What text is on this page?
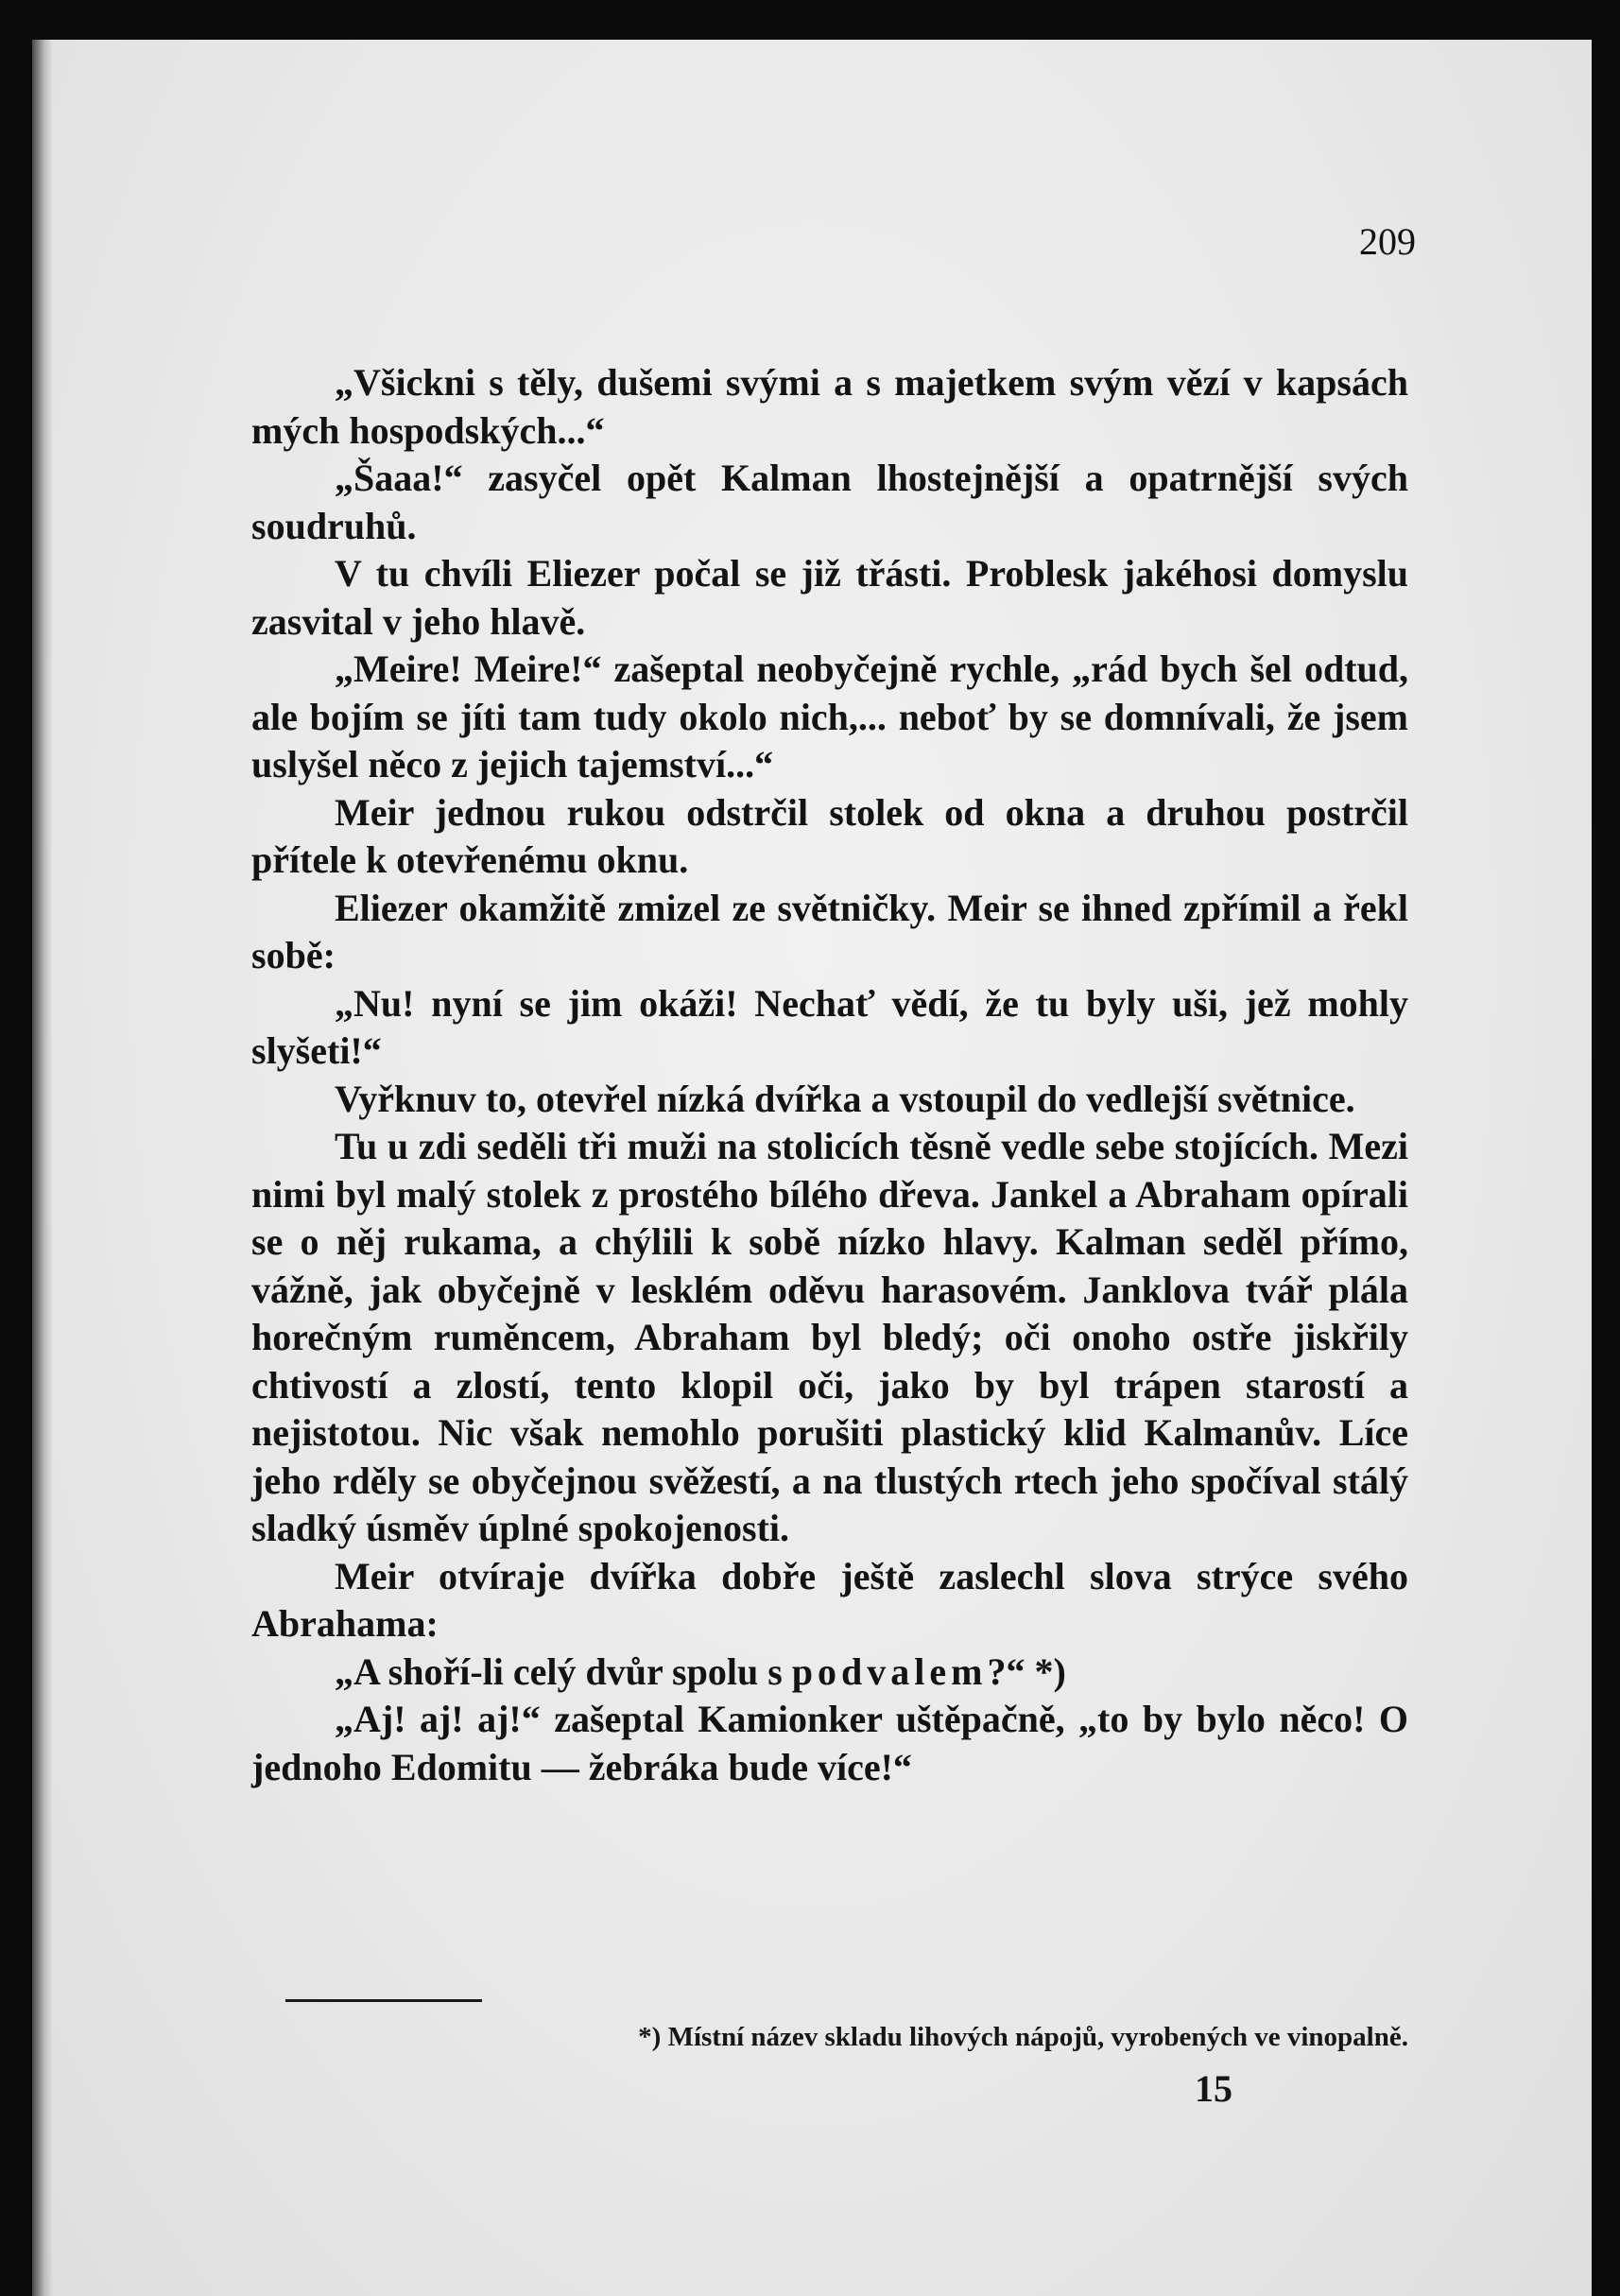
209

„Všickni s těly, dušemi svými a s majetkem svým vězí v kapsách mých hospodských...“

„Šaaa!“ zasyčel opět Kalman lhostejnější a opatrnější svých soudruhů.

V tu chvíli Eliezer počal se již třásti. Problesk jakéhosi domyslu zasvital v jeho hlavě.

„Meire! Meire!“ zašeptal neobyčejně rychle, „rád bych šel odtud, ale bojím se jíti tam tudy okolo nich,... neboť by se domnívali, že jsem uslyšel něco z jejich tajemství...“

Meir jednou rukou odstrčil stolek od okna a druhou postrčil přítele k otevřenému oknu.

Eliezer okamžitě zmizel ze světničky. Meir se ihned zpřímil a řekl sobě:

„Nu! nyní se jim okáži! Nechať vědí, že tu byly uši, jež mohly slyšeti!“

Vyřknuv to, otevřel nízká dvířka a vstoupil do vedlejší světnice.

Tu u zdi seděli tři muži na stolicích těsně vedle sebe stojících. Mezi nimi byl malý stolek z prostého bílého dřeva. Jankel a Abraham opírali se o něj rukama, a chýlili k sobě nízko hlavy. Kalman seděl přímo, vážně, jak obyčejně v lesklém oděvu harasovém. Janklova tvář plála horečným ruměncem, Abraham byl bledý; oči onoho ostře jiskřily chtivostí a zlostí, tento klopil oči, jako by byl trápen starostí a nejistotou. Nic však nemohlo porušiti plastický klid Kalmanův. Líce jeho rděly se obyčejnou svěžestí, a na tlustých rtech jeho spočíval stálý sladký úsměv úplné spokojenosti.

Meir otvíraje dvířka dobře ještě zaslechl slova strýce svého Abrahama:

„A shoří-li celý dvůr spolu s podvalem?“ *)

„Aj! aj! aj!“ zašeptal Kamionker uštěpačně, „to by bylo něco! O jednoho Edomitu — žebráka bude více!“

*) Místní název skladu lihových nápojů, vyrobených ve vinopalně.
15
